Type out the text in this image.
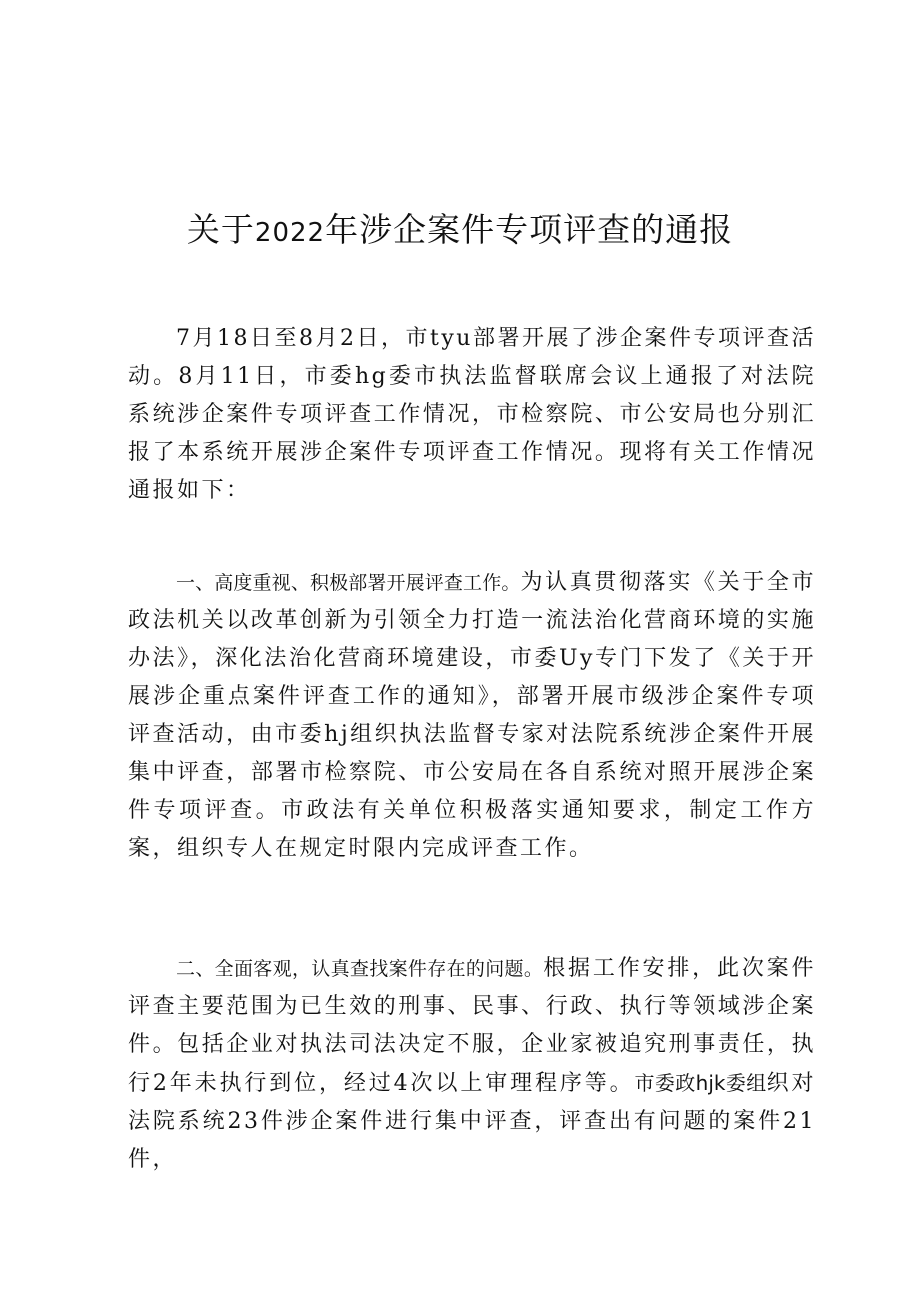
关于2022年涉企案件专项评查的通报

7月18日至8月2日，市tyu部署开展了涉企案件专项评查活动。8月11日，市委hg委市执法监督联席会议上通报了对法院系统涉企案件专项评查工作情况，市检察院、市公安局也分别汇报了本系统开展涉企案件专项评查工作情况。现将有关工作情况通报如下：

一、高度重视、积极部署开展评查工作。为认真贯彻落实《关于全市政法机关以改革创新为引领全力打造一流法治化营商环境的实施办法》，深化法治化营商环境建设，市委Uy专门下发了《关于开展涉企重点案件评查工作的通知》，部署开展市级涉企案件专项评查活动，由市委hj组织执法监督专家对法院系统涉企案件开展集中评查，部署市检察院、市公安局在各自系统对照开展涉企案件专项评查。市政法有关单位积极落实通知要求，制定工作方案，组织专人在规定时限内完成评查工作。

二、全面客观，认真查找案件存在的问题。根据工作安排，此次案件评查主要范围为已生效的刑事、民事、行政、执行等领域涉企案件。包括企业对执法司法决定不服，企业家被追究刑事责任，执行2年未执行到位，经过4次以上审理程序等。市委政hjk委组织对法院系统23件涉企案件进行集中评查，评查出有问题的案件21件，
